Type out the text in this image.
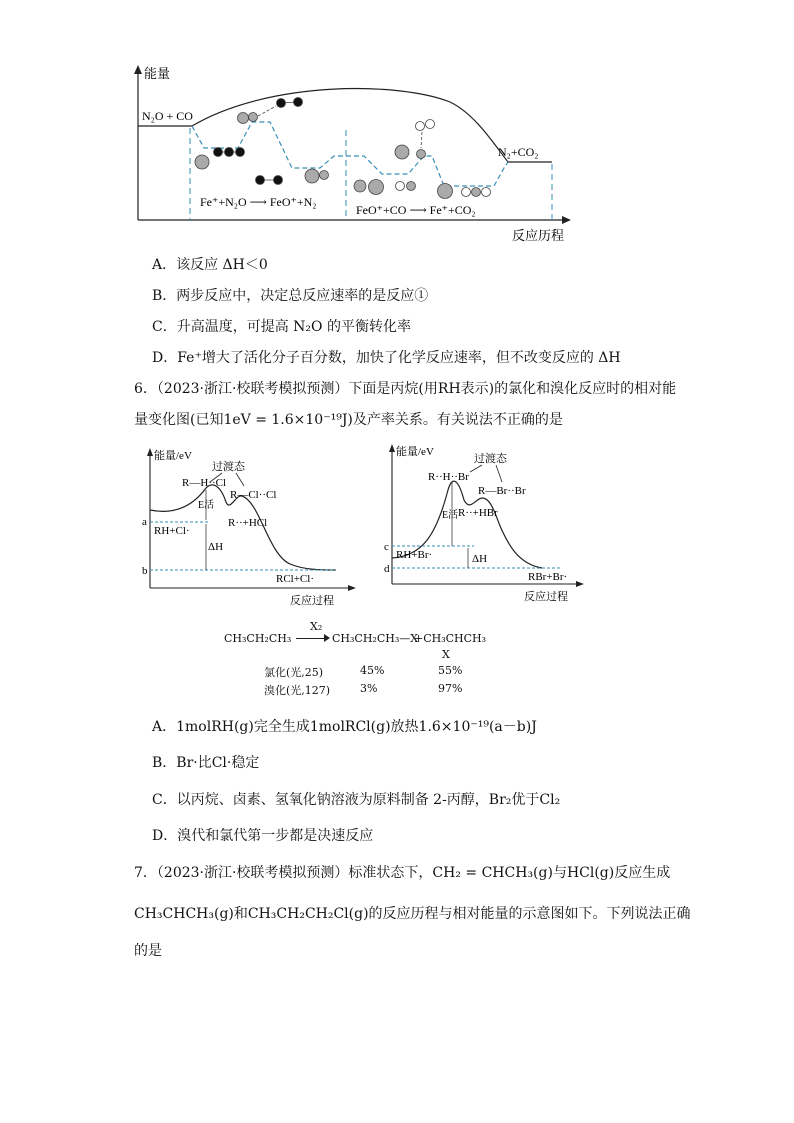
能量
反应历程
N₂O + CO
N₂+CO₂
Fe⁺+N₂O ⟶ FeO⁺+N₂
FeO⁺+CO ⟶ Fe⁺+CO₂
A．该反应 ΔH＜0
B．两步反应中，决定总反应速率的是反应①
C．升高温度，可提高 N₂O 的平衡转化率
D．Fe⁺增大了活化分子百分数，加快了化学反应速率，但不改变反应的 ΔH
6．（2023·浙江·校联考模拟预测）下面是丙烷(用RH表示)的氯化和溴化反应时的相对能
量变化图(已知1eV = 1.6×10⁻¹⁹J)及产率关系。有关说法不正确的是
能量/eV
反应过程
过渡态
R—H··Cl
R—Cl··Cl
a
b
E活
R··+HCl
RH+Cl·
ΔH
RCl+Cl·
能量/eV
反应过程
过渡态
R··H··Br
R—Br··Br
c
d
E活 R··+HBr
RH+Br·	ΔH
RBr+Br·
X₂
CH₃CH₂CH₃	CH₃CH₂CH₃—X
+CH₃CHCH₃
X
氯化(光,25)	45%	55%
溴化(光,127)	3%	97%
A．1molRH(g)完全生成1molRCl(g)放热1.6×10⁻¹⁹(a－b)J
B．Br·比Cl·稳定
C．以丙烷、卤素、氢氧化钠溶液为原料制备 2-丙醇，Br₂优于Cl₂
D．溴代和氯代第一步都是决速反应
7．（2023·浙江·校联考模拟预测）标准状态下，CH₂ = CHCH₃(g)与HCl(g)反应生成
CH₃CHCH₃(g)和CH₃CH₂CH₂Cl(g)的反应历程与相对能量的示意图如下。下列说法正确
的是
